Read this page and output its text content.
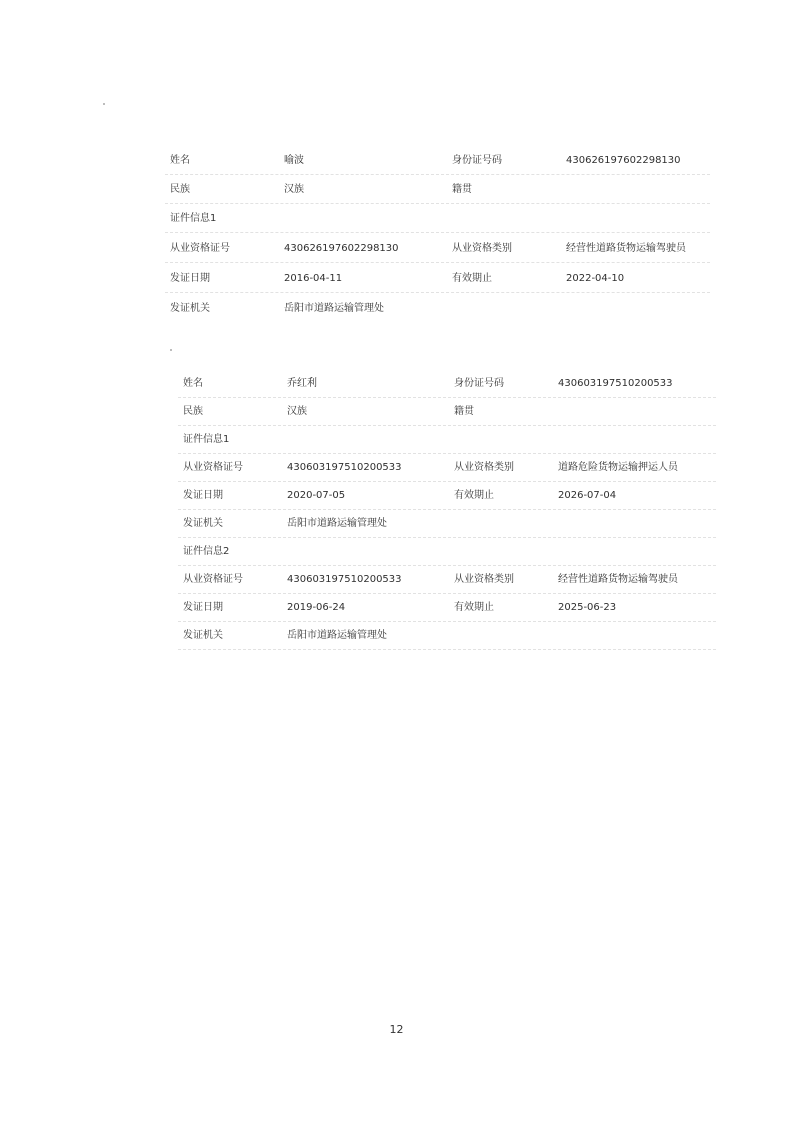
姓名	喻波	身份证号码	430626197602298130
民族	汉族	籍贯
证件信息1
从业资格证号	430626197602298130	从业资格类别	经营性道路货物运输驾驶员
发证日期	2016-04-11	有效期止	2022-04-10
发证机关	岳阳市道路运输管理处
姓名	乔红利	身份证号码	430603197510200533
民族	汉族	籍贯
证件信息1
从业资格证号	430603197510200533	从业资格类别	道路危险货物运输押运人员
发证日期	2020-07-05	有效期止	2026-07-04
发证机关	岳阳市道路运输管理处
证件信息2
从业资格证号	430603197510200533	从业资格类别	经营性道路货物运输驾驶员
发证日期	2019-06-24	有效期止	2025-06-23
发证机关	岳阳市道路运输管理处
12
